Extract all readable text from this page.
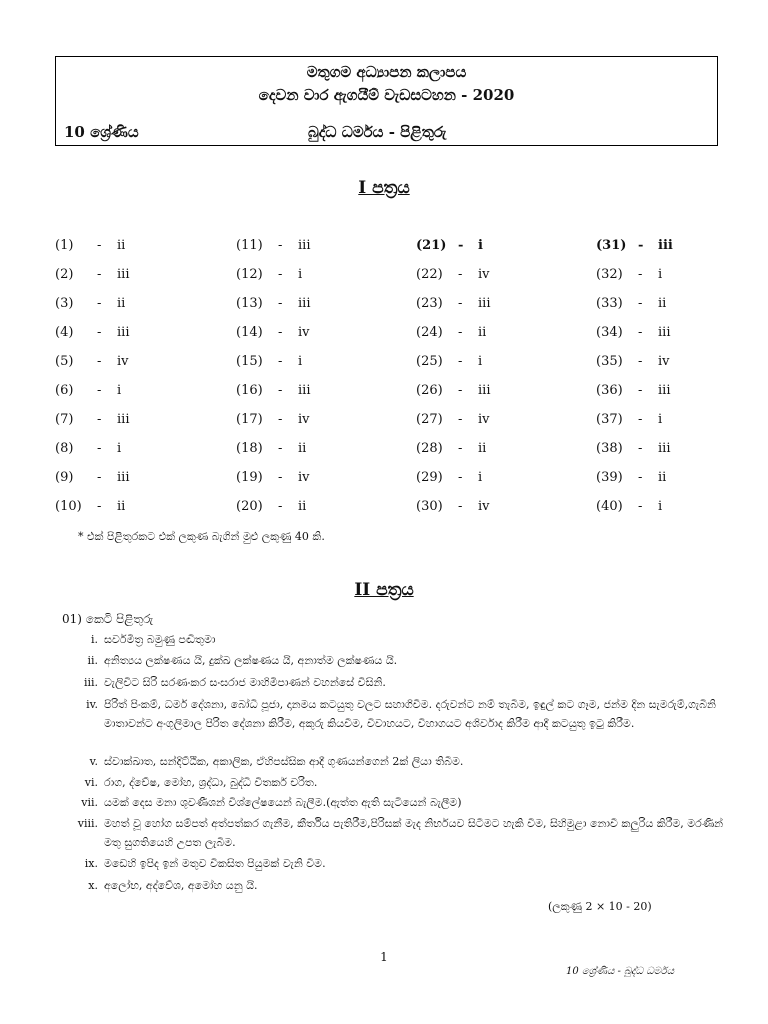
මතුගම අධ්‍යාපන කලාපය
දෙවන වාර ඇගයීම් වැඩසටහන - 2020
10 ශ්‍රේණිය	බුද්ධ ධර්මය - පිළිතුරු
I පත්‍රය
(1) - ii
(2) - iii
(3) - ii
(4) - iii
(5) - iv
(6) - i
(7) - iii
(8) - i
(9) - iii
(10) - ii
(11) - iii
(12) - i
(13) - iii
(14) - iv
(15) - i
(16) - iii
(17) - iv
(18) - ii
(19) - iv
(20) - ii
(21) - i
(22) - iv
(23) - iii
(24) - ii
(25) - i
(26) - iii
(27) - iv
(28) - ii
(29) - i
(30) - iv
(31) - iii
(32) - i
(33) - ii
(34) - iii
(35) - iv
(36) - iii
(37) - i
(38) - iii
(39) - ii
(40) - i
* එක් පිළිතුරකට එක් ලකුණ බැගින් මුළු ලකුණු 40 කි.
II පත්‍රය
01) කෙටි පිළිතුරු
i. සර්වමිත්‍ර බමුණු පඬිතුමා
ii. අනිත්‍යය ලක්ෂණය යි, දුක්ඛ ලක්ෂණය යි, අනාත්ම ලක්ෂණය යි.
iii. වැලිවිට සිරි සරණංකර සංඝරාජ මාහිමිපාණන් වහන්සේ විසිනි.
iv. පිරිත් පිංකම්, ධර්ම දේශනා, බෝධි පූජා, දානමය කටයුතු වලට සහාගිවීම. දරුවන්ට නම් තැබීම, ඉඳුල් කට ගෑම, ජන්ම දින සැමරුම්,ගැබිනි මාතාවන්ට අංගුලිමාල පිරිත දේශනා කිරීම, අකුරු කියවීම, විවාහයට, විහාගයට අශිර්වාද කිරීම ආදී කටයුතු ඉටු කිරීම.
v. ස්වාක්ඛාත, සන්දිට්ඨික, අකාලික, ඒහිපස්සික ආදී ගුණයන්ගෙන් 2ක් ලියා තිබීම.
vi. රාග, ද්වේෂ, මෝහ, ශ්‍රද්ධා, බුද්ධි විතර්ක චරිත.
vii. යමක් දෙස මනා ශුවණීශන් විශ්ලේෂයෙන් බැලීම.(ඇත්ත ඇති සැටියෙන් බැලීම)
viii. මහත් වූ හෝග සම්පත් අත්පත්කර ගැනීම, කීර්තිය පැතිරීම,පිරිසක් මැද නිර්භයව සිටීමට හැකි වීම, සිහිමුළා නොවී කලුරිය කිරීම, මරණින් මතු සුගතියෙහි උපත ලැබීම.
ix. මඩෙහි ඉපිද ඉන් මතුව විකසිත පියුමක් වැනි වීම.
x. අලෝභ, අද්වේශ, අමෝහ යනු යි.
(ලකුණු 2 × 10 - 20)
1
10 ශ්‍රේණිය - බුද්ධ ධර්මය
